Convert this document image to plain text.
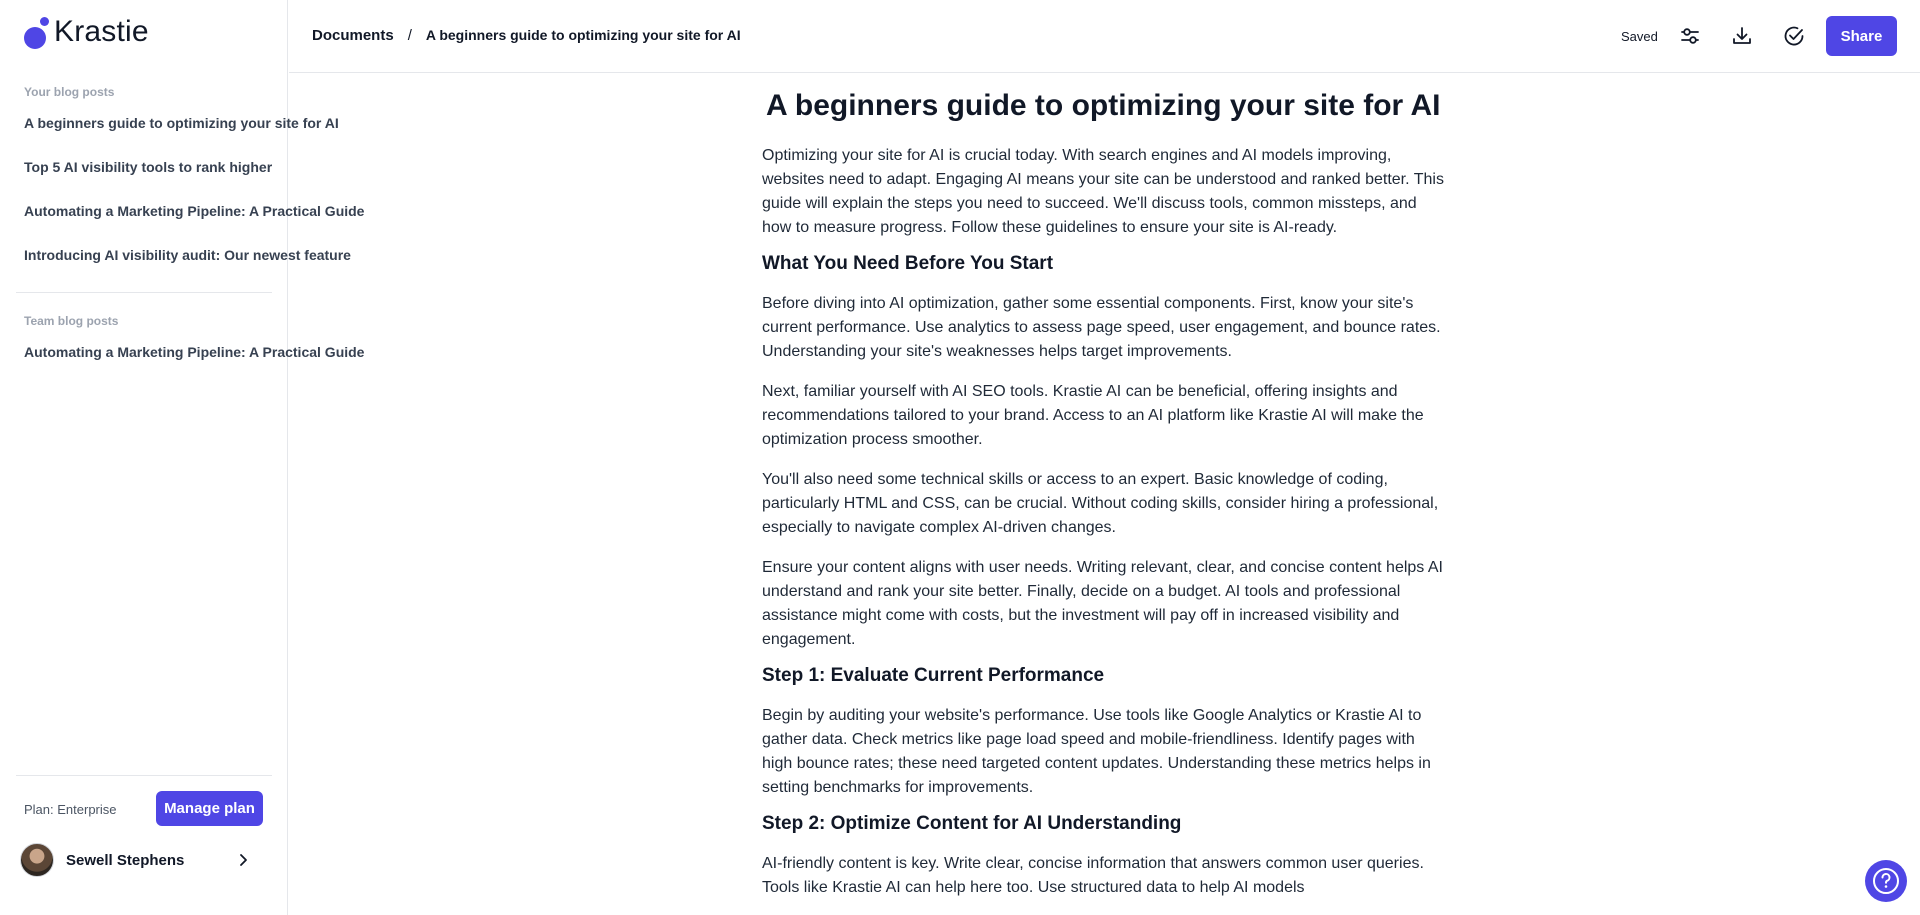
Krastie
Your blog posts
A beginners guide to optimizing your site for AI
Top 5 AI visibility tools to rank higher
Automating a Marketing Pipeline: A Practical Guide
Introducing AI visibility audit: Our newest feature
Team blog posts
Automating a Marketing Pipeline: A Practical Guide
Plan: Enterprise	Manage plan
Sewell Stephens
Documents / A beginners guide to optimizing your site for AI	Saved	Share
A beginners guide to optimizing your site for AI

Optimizing your site for AI is crucial today. With search engines and AI models improving, websites need to adapt. Engaging AI means your site can be understood and ranked better. This guide will explain the steps you need to succeed. We'll discuss tools, common missteps, and how to measure progress. Follow these guidelines to ensure your site is AI-ready.

What You Need Before You Start

Before diving into AI optimization, gather some essential components. First, know your site's current performance. Use analytics to assess page speed, user engagement, and bounce rates. Understanding your site's weaknesses helps target improvements.

Next, familiar yourself with AI SEO tools. Krastie AI can be beneficial, offering insights and recommendations tailored to your brand. Access to an AI platform like Krastie AI will make the optimization process smoother.

You'll also need some technical skills or access to an expert. Basic knowledge of coding, particularly HTML and CSS, can be crucial. Without coding skills, consider hiring a professional, especially to navigate complex AI-driven changes.

Ensure your content aligns with user needs. Writing relevant, clear, and concise content helps AI understand and rank your site better. Finally, decide on a budget. AI tools and professional assistance might come with costs, but the investment will pay off in increased visibility and engagement.

Step 1: Evaluate Current Performance

Begin by auditing your website's performance. Use tools like Google Analytics or Krastie AI to gather data. Check metrics like page load speed and mobile-friendliness. Identify pages with high bounce rates; these need targeted content updates. Understanding these metrics helps in setting benchmarks for improvements.

Step 2: Optimize Content for AI Understanding

AI-friendly content is key. Write clear, concise information that answers common user queries. Tools like Krastie AI can help here too. Use structured data to help AI models
